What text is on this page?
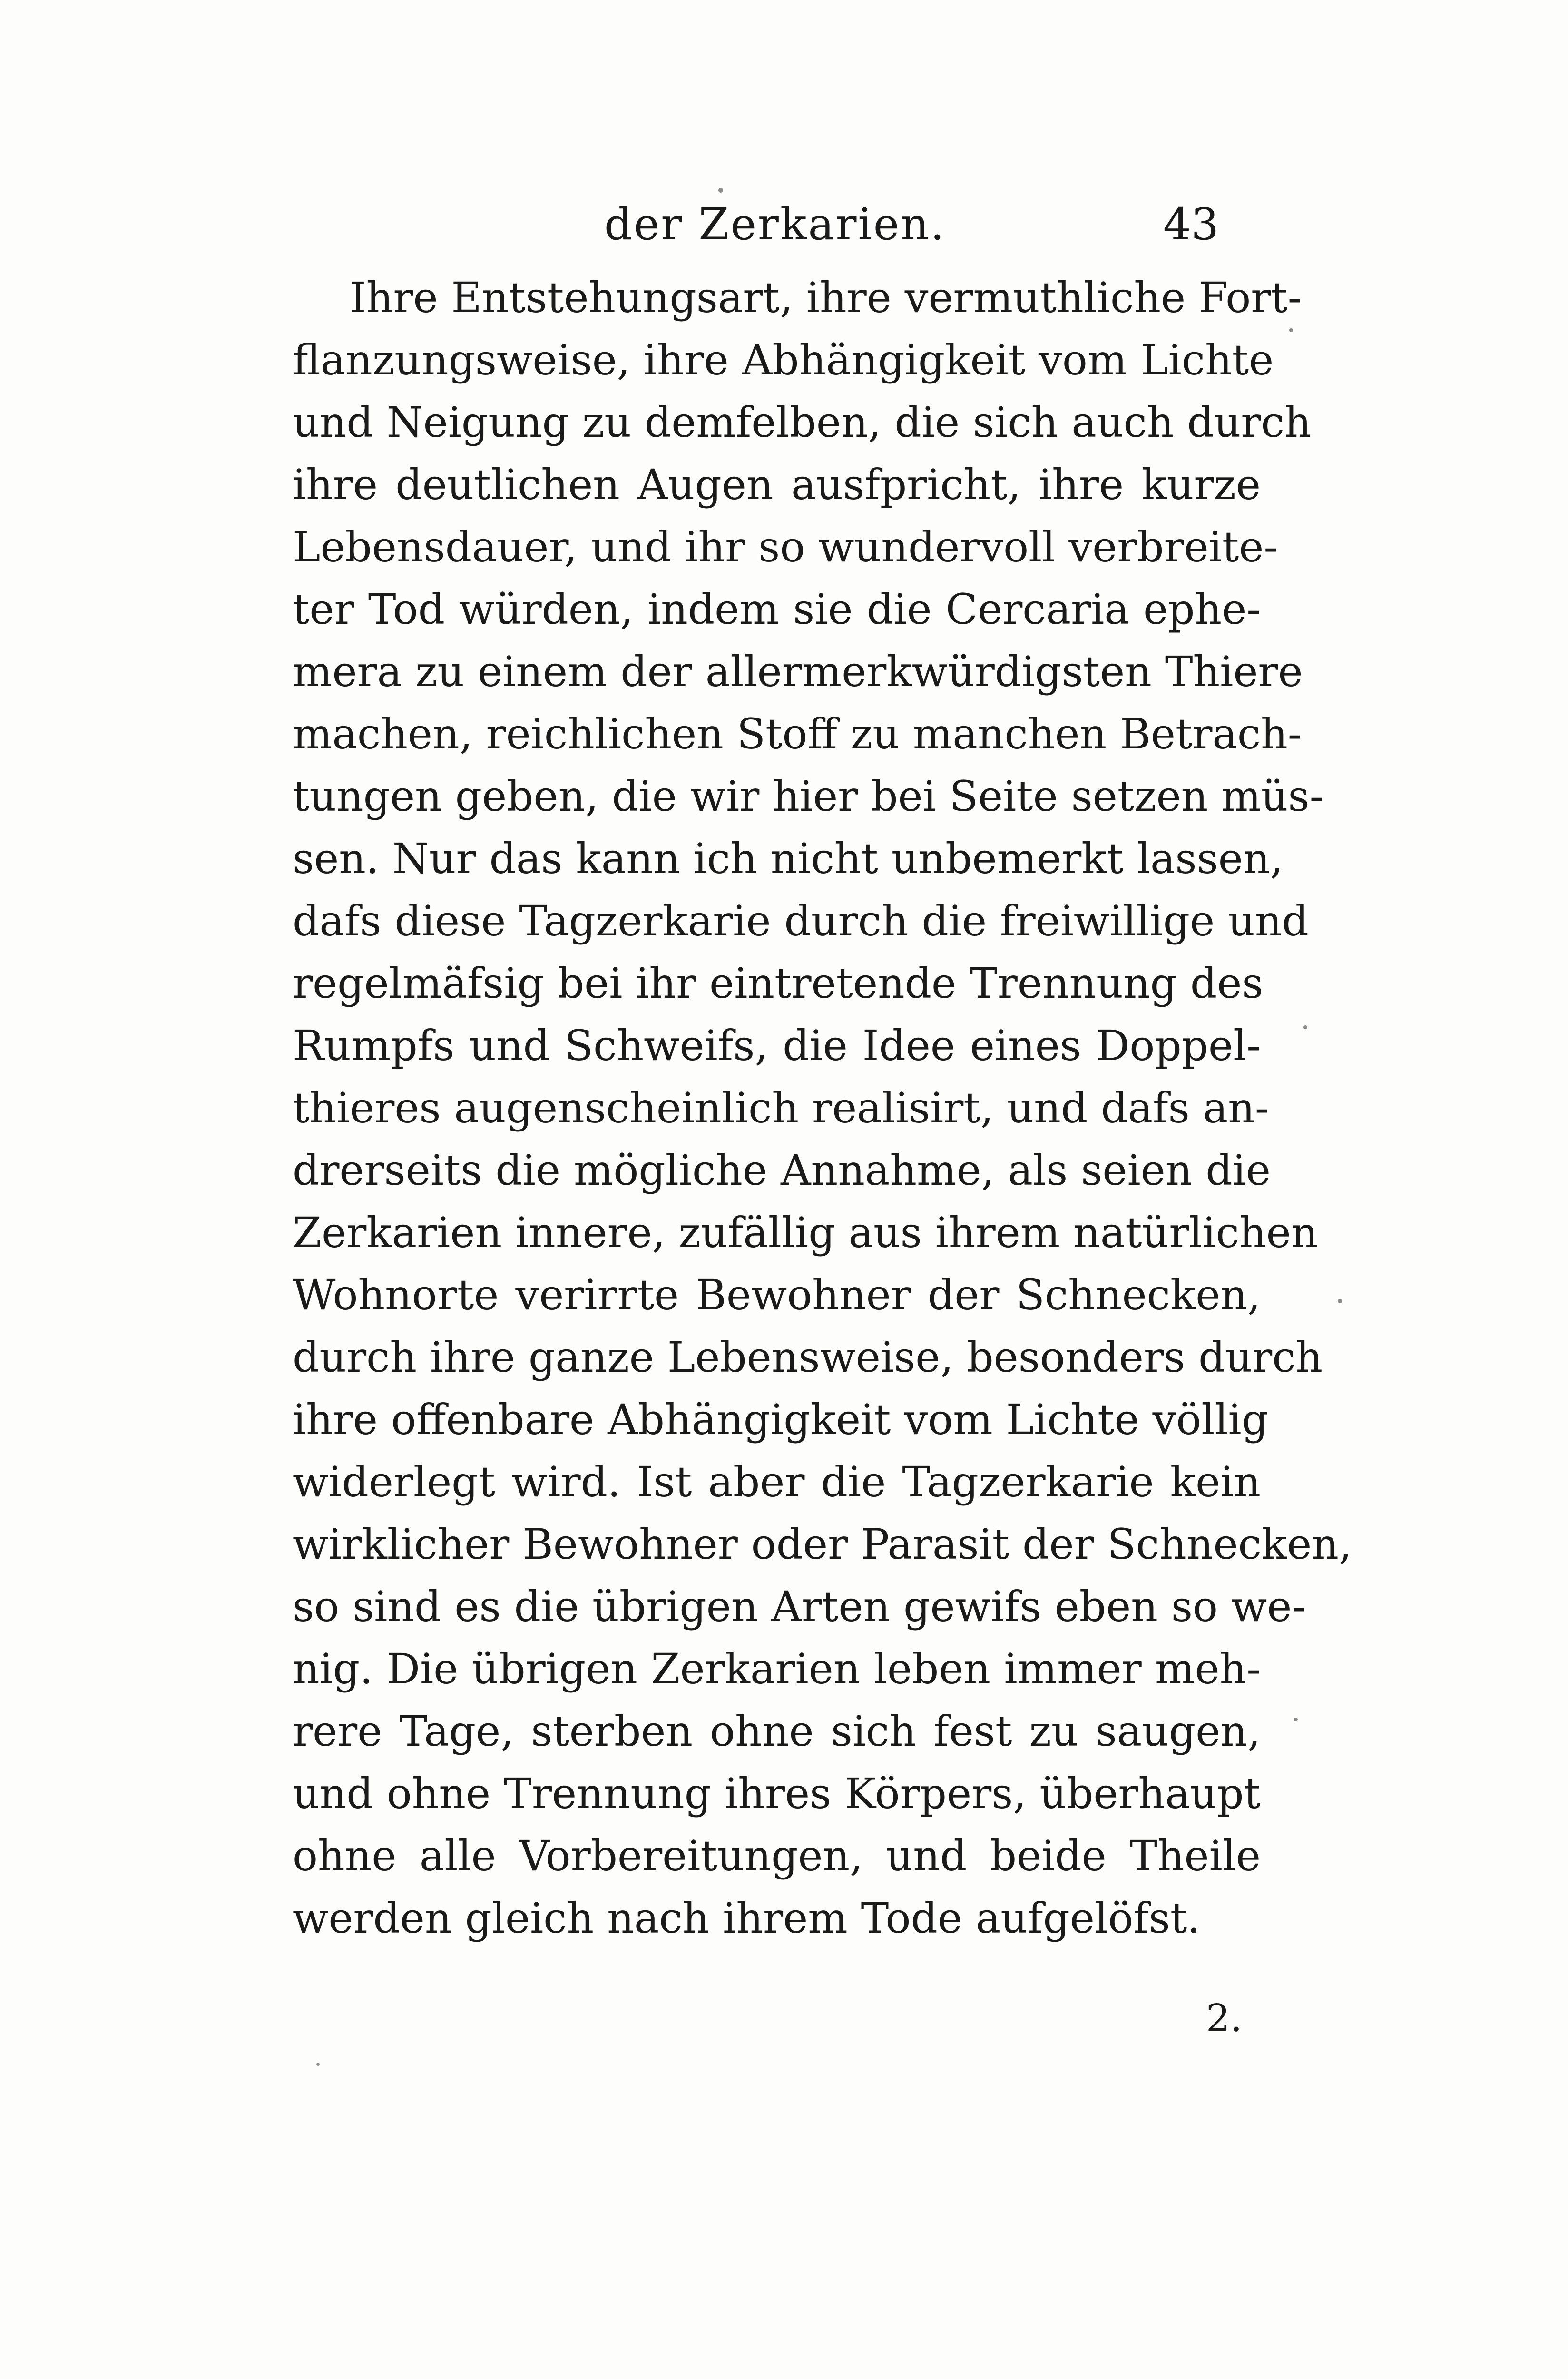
der Zerkarien.	43
Ihre Entstehungsart, ihre vermuthliche Fort-
flanzungsweise, ihre Abhängigkeit vom Lichte
und Neigung zu demfelben, die sich auch durch
ihre deutlichen Augen ausfpricht, ihre kurze
Lebensdauer, und ihr so wundervoll verbreite-
ter Tod würden, indem sie die Cercaria ephe-
mera zu einem der allermerkwürdigsten Thiere
machen, reichlichen Stoff zu manchen Betrach-
tungen geben, die wir hier bei Seite setzen müs-
sen. Nur das kann ich nicht unbemerkt lassen,
dafs diese Tagzerkarie durch die freiwillige und
regelmäfsig bei ihr eintretende Trennung des
Rumpfs und Schweifs, die Idee eines Doppel-
thieres augenscheinlich realisirt, und dafs an-
drerseits die mögliche Annahme, als seien die
Zerkarien innere, zufällig aus ihrem natürlichen
Wohnorte verirrte Bewohner der Schnecken,
durch ihre ganze Lebensweise, besonders durch
ihre offenbare Abhängigkeit vom Lichte völlig
widerlegt wird. Ist aber die Tagzerkarie kein
wirklicher Bewohner oder Parasit der Schnecken,
so sind es die übrigen Arten gewifs eben so we-
nig. Die übrigen Zerkarien leben immer meh-
rere Tage, sterben ohne sich fest zu saugen,
und ohne Trennung ihres Körpers, überhaupt
ohne alle Vorbereitungen, und beide Theile
werden gleich nach ihrem Tode aufgelöfst.
2.
